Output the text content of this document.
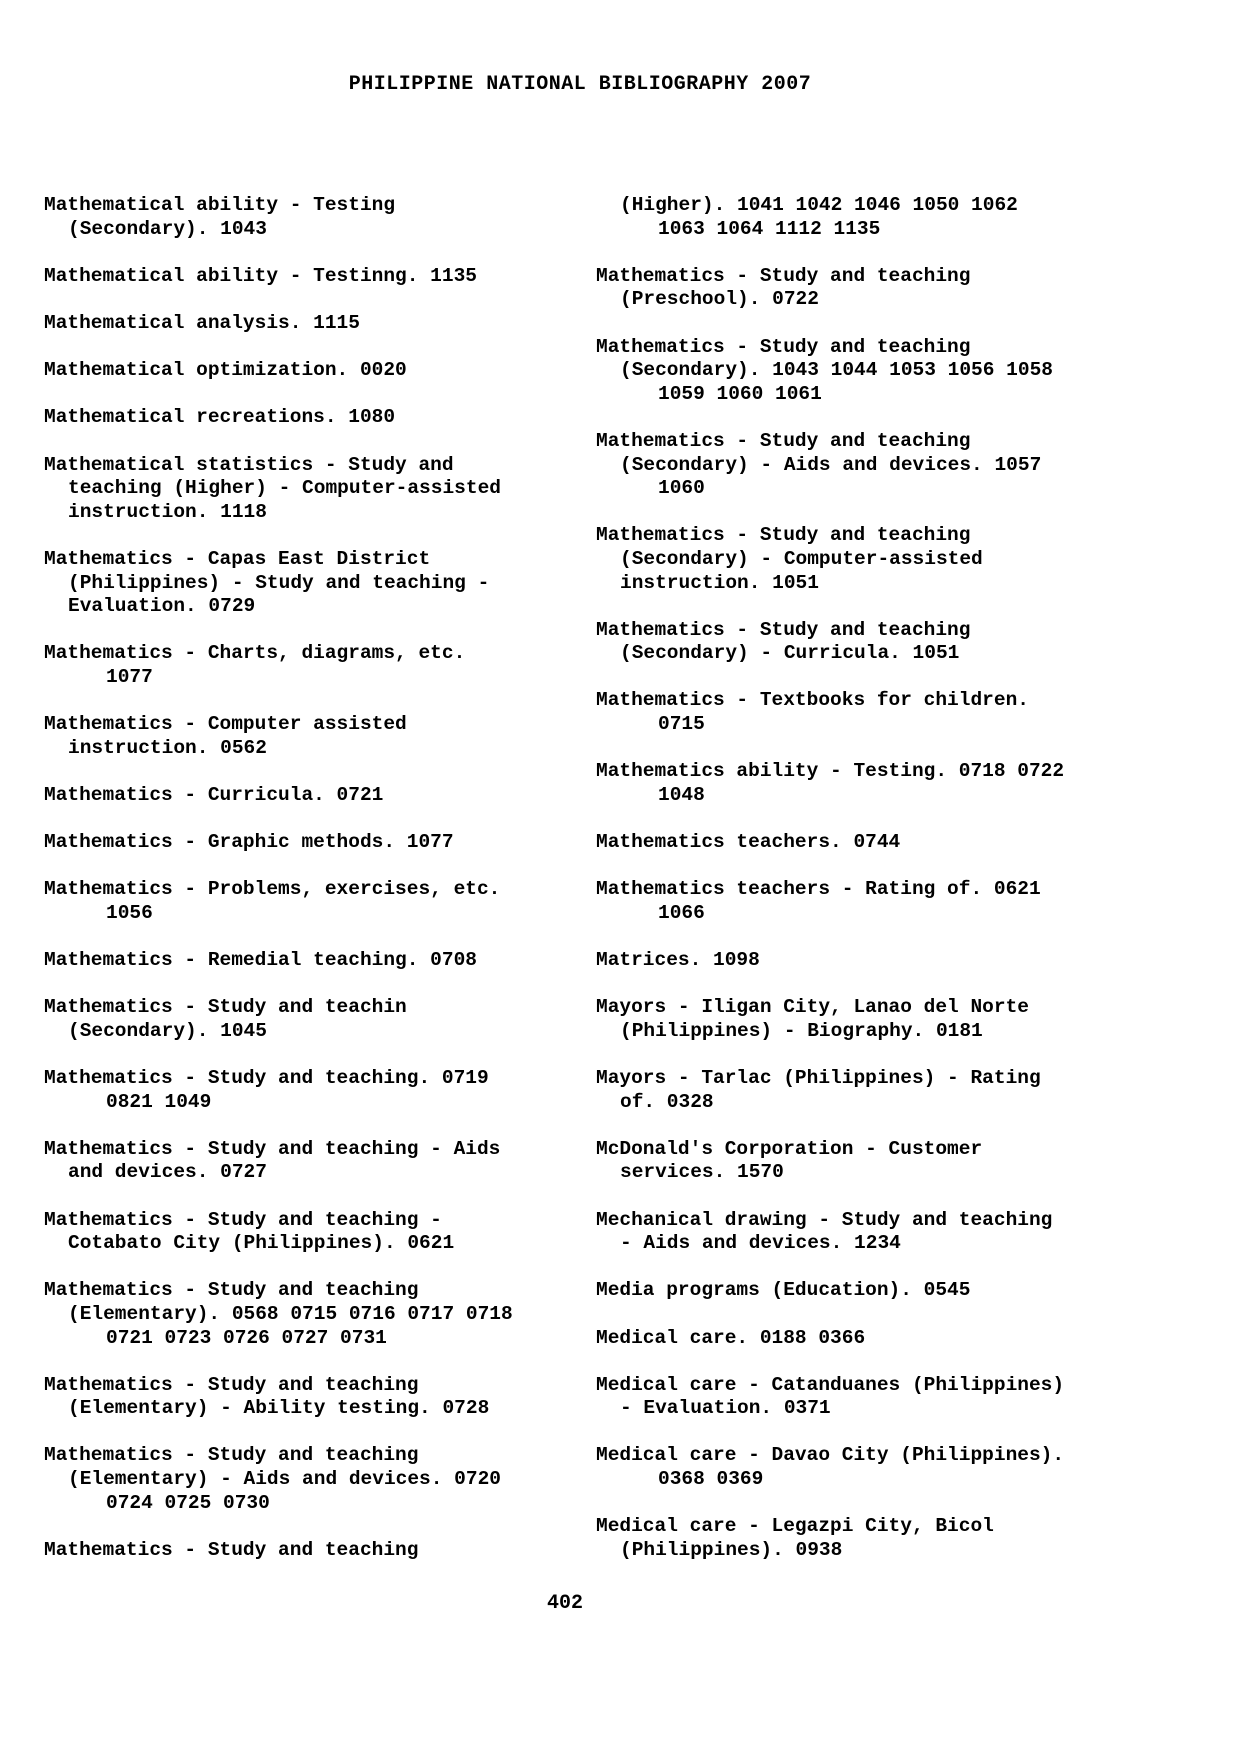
PHILIPPINE NATIONAL BIBLIOGRAPHY 2007
Mathematical ability - Testing
(Secondary). 1043
Mathematical ability - Testinng. 1135
Mathematical analysis. 1115
Mathematical optimization. 0020
Mathematical recreations. 1080
Mathematical statistics - Study and
teaching (Higher) - Computer-assisted
instruction. 1118
Mathematics - Capas East District
(Philippines) - Study and teaching -
Evaluation. 0729
Mathematics - Charts, diagrams, etc.
1077
Mathematics - Computer assisted
instruction. 0562
Mathematics - Curricula. 0721
Mathematics - Graphic methods. 1077
Mathematics - Problems, exercises, etc.
1056
Mathematics - Remedial teaching. 0708
Mathematics - Study and teachin
(Secondary). 1045
Mathematics - Study and teaching. 0719
0821 1049
Mathematics - Study and teaching - Aids
and devices. 0727
Mathematics - Study and teaching -
Cotabato City (Philippines). 0621
Mathematics - Study and teaching
(Elementary). 0568 0715 0716 0717 0718
0721 0723 0726 0727 0731
Mathematics - Study and teaching
(Elementary) - Ability testing. 0728
Mathematics - Study and teaching
(Elementary) - Aids and devices. 0720
0724 0725 0730
Mathematics - Study and teaching
(Higher). 1041 1042 1046 1050 1062
1063 1064 1112 1135
Mathematics - Study and teaching
(Preschool). 0722
Mathematics - Study and teaching
(Secondary). 1043 1044 1053 1056 1058
1059 1060 1061
Mathematics - Study and teaching
(Secondary) - Aids and devices. 1057
1060
Mathematics - Study and teaching
(Secondary) - Computer-assisted
instruction. 1051
Mathematics - Study and teaching
(Secondary) - Curricula. 1051
Mathematics - Textbooks for children.
0715
Mathematics ability - Testing. 0718 0722
1048
Mathematics teachers. 0744
Mathematics teachers - Rating of. 0621
1066
Matrices. 1098
Mayors - Iligan City, Lanao del Norte
(Philippines) - Biography. 0181
Mayors - Tarlac (Philippines) - Rating
of. 0328
McDonald's Corporation - Customer
services. 1570
Mechanical drawing - Study and teaching
- Aids and devices. 1234
Media programs (Education). 0545
Medical care. 0188 0366
Medical care - Catanduanes (Philippines)
- Evaluation. 0371
Medical care - Davao City (Philippines).
0368 0369
Medical care - Legazpi City, Bicol
(Philippines). 0938
402
